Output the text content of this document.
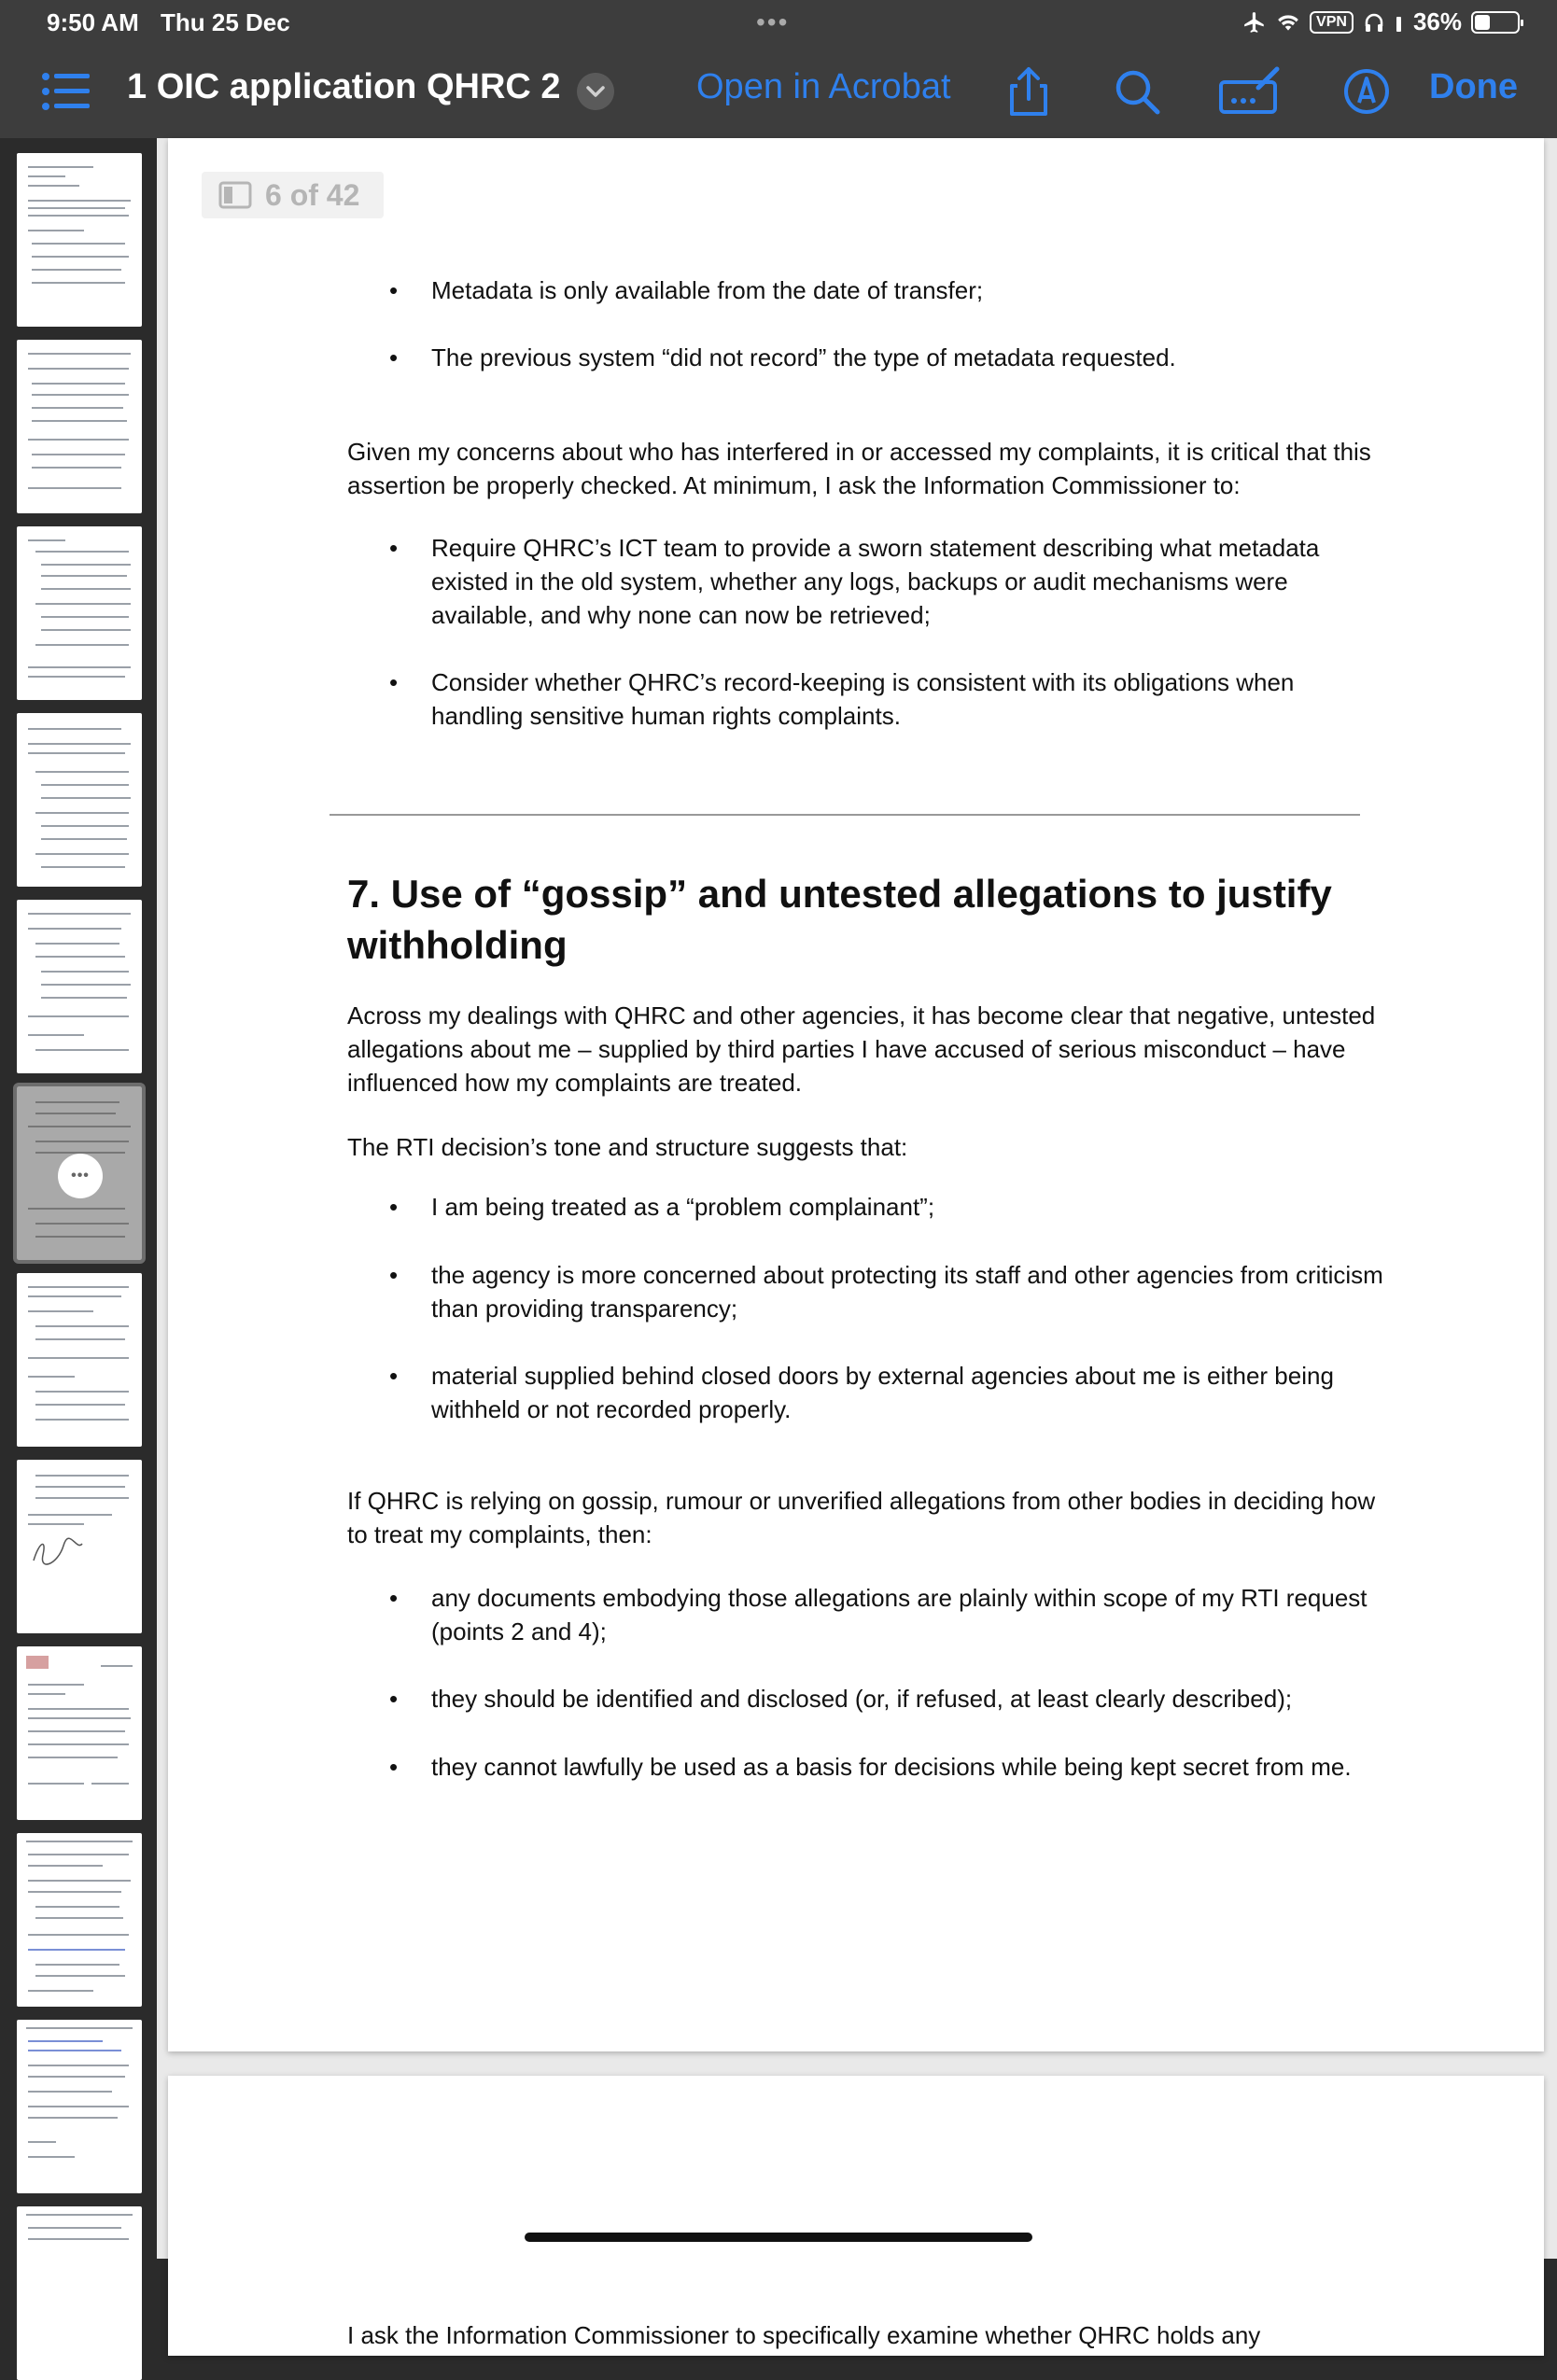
9:50 AM Thu 25 Dec	•••	VPN	36%
1 OIC application QHRC 2	Open in Acrobat	Done
•••
6 of 42
• Metadata is only available from the date of transfer;
• The previous system “did not record” the type of metadata requested.
Given my concerns about who has interfered in or accessed my complaints, it is critical that this assertion be properly checked. At minimum, I ask the Information Commissioner to:
• Require QHRC’s ICT team to provide a sworn statement describing what metadata existed in the old system, whether any logs, backups or audit mechanisms were available, and why none can now be retrieved;
• Consider whether QHRC’s record-keeping is consistent with its obligations when handling sensitive human rights complaints.
7. Use of “gossip” and untested allegations to justify withholding
Across my dealings with QHRC and other agencies, it has become clear that negative, untested allegations about me – supplied by third parties I have accused of serious misconduct – have influenced how my complaints are treated.
The RTI decision’s tone and structure suggests that:
• I am being treated as a “problem complainant”;
• the agency is more concerned about protecting its staff and other agencies from criticism than providing transparency;
• material supplied behind closed doors by external agencies about me is either being withheld or not recorded properly.
If QHRC is relying on gossip, rumour or unverified allegations from other bodies in deciding how to treat my complaints, then:
• any documents embodying those allegations are plainly within scope of my RTI request (points 2 and 4);
• they should be identified and disclosed (or, if refused, at least clearly described);
• they cannot lawfully be used as a basis for decisions while being kept secret from me.
I ask the Information Commissioner to specifically examine whether QHRC holds any
